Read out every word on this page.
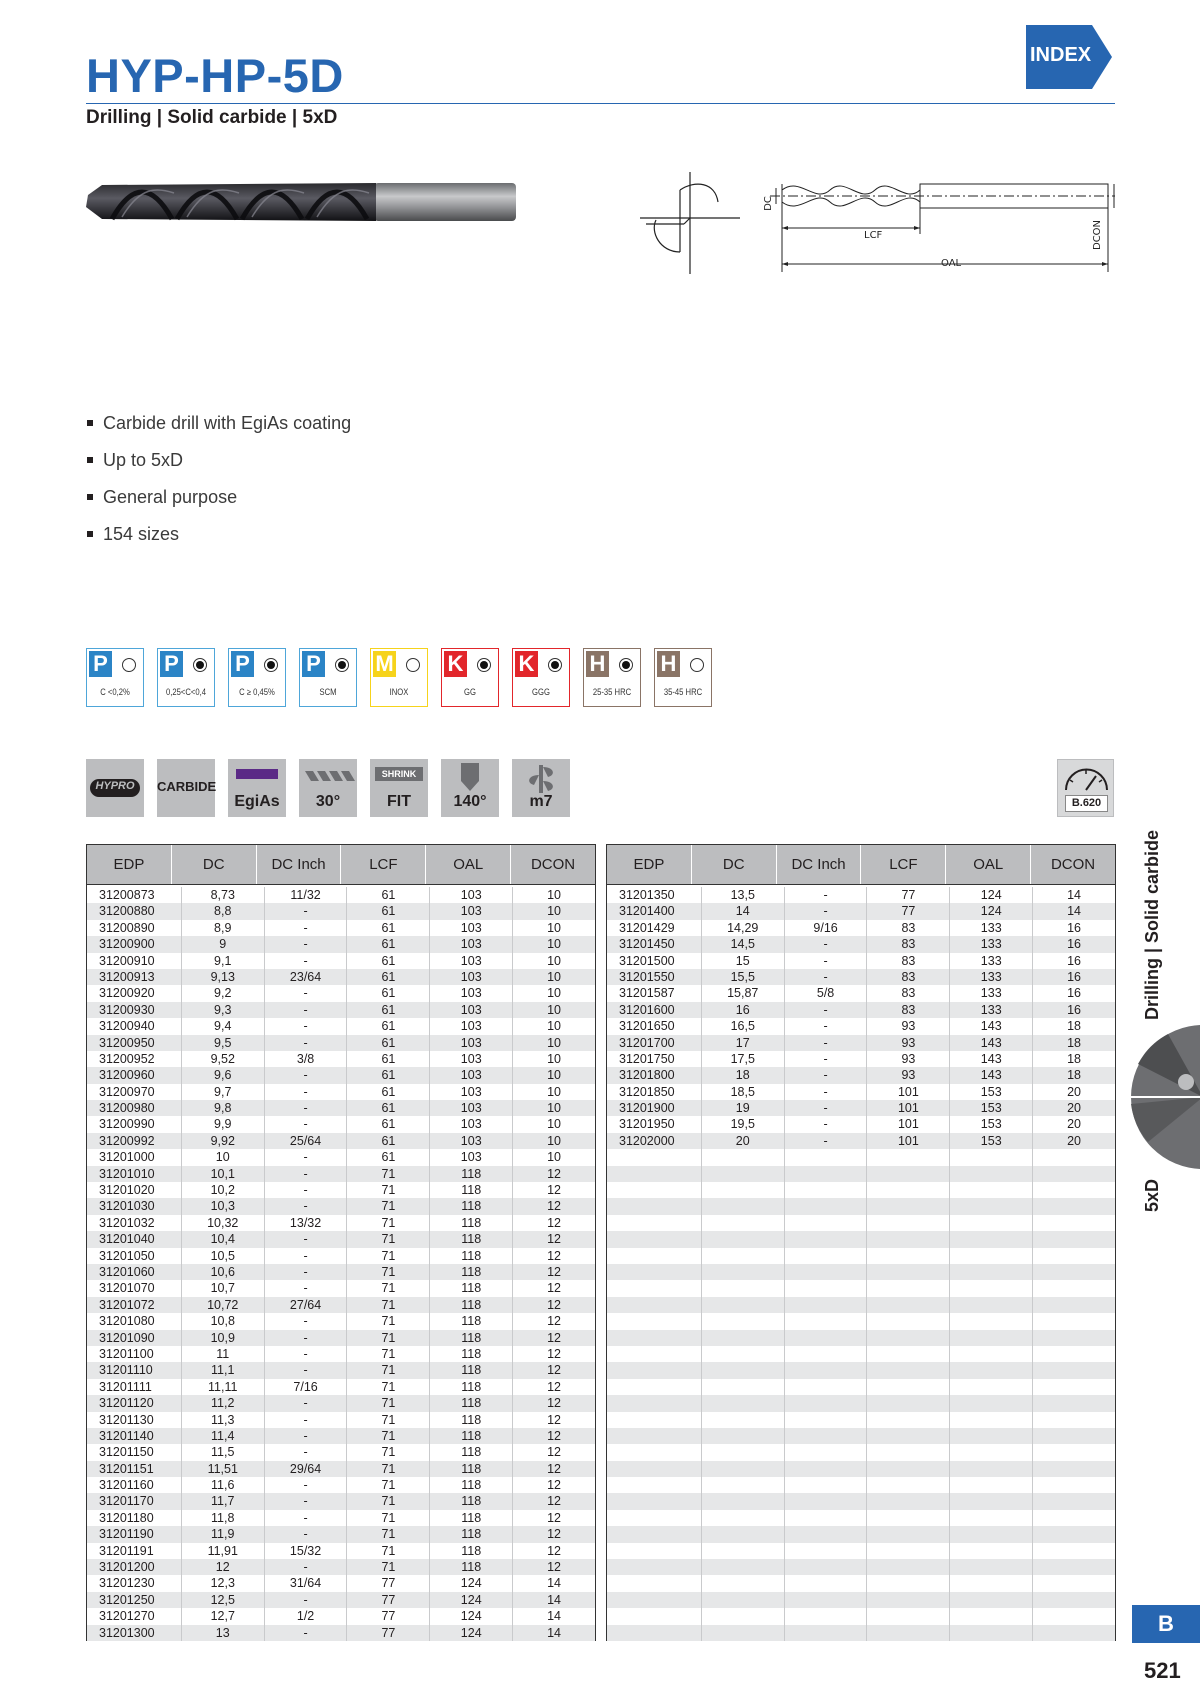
HYP-HP-5D
Drilling | Solid carbide | 5xD
INDEX
DC
LCF
OAL
DCON
Carbide drill with EgiAs coating
Up to 5xD
General purpose
154 sizes
P
C <0,2%
P
0,25<C<0,4
P
C ≥ 0,45%
P
SCM
M
INOX
K
GG
K
GGG
H
25-35 HRC
H
35-45 HRC
HYPRO	CARBIDE
EgiAs	30°
SHRINK
FIT	140°	m7	B.620
EDP	DC	DC Inch	LCF	OAL	DCON
31200873	8,73	11/32	61	103	10
31200880	8,8	-	61	103	10
31200890	8,9	-	61	103	10
31200900	9	-	61	103	10
31200910	9,1	-	61	103	10
31200913	9,13	23/64	61	103	10
31200920	9,2	-	61	103	10
31200930	9,3	-	61	103	10
31200940	9,4	-	61	103	10
31200950	9,5	-	61	103	10
31200952	9,52	3/8	61	103	10
31200960	9,6	-	61	103	10
31200970	9,7	-	61	103	10
31200980	9,8	-	61	103	10
31200990	9,9	-	61	103	10
31200992	9,92	25/64	61	103	10
31201000	10	-	61	103	10
31201010	10,1	-	71	118	12
31201020	10,2	-	71	118	12
31201030	10,3	-	71	118	12
31201032	10,32	13/32	71	118	12
31201040	10,4	-	71	118	12
31201050	10,5	-	71	118	12
31201060	10,6	-	71	118	12
31201070	10,7	-	71	118	12
31201072	10,72	27/64	71	118	12
31201080	10,8	-	71	118	12
31201090	10,9	-	71	118	12
31201100	11	-	71	118	12
31201110	11,1	-	71	118	12
31201111	11,11	7/16	71	118	12
31201120	11,2	-	71	118	12
31201130	11,3	-	71	118	12
31201140	11,4	-	71	118	12
31201150	11,5	-	71	118	12
31201151	11,51	29/64	71	118	12
31201160	11,6	-	71	118	12
31201170	11,7	-	71	118	12
31201180	11,8	-	71	118	12
31201190	11,9	-	71	118	12
31201191	11,91	15/32	71	118	12
31201200	12	-	71	118	12
31201230	12,3	31/64	77	124	14
31201250	12,5	-	77	124	14
31201270	12,7	1/2	77	124	14
31201300	13	-	77	124	14
EDP	DC	DC Inch	LCF	OAL	DCON
31201350	13,5	-	77	124	14
31201400	14	-	77	124	14
31201429	14,29	9/16	83	133	16
31201450	14,5	-	83	133	16
31201500	15	-	83	133	16
31201550	15,5	-	83	133	16
31201587	15,87	5/8	83	133	16
31201600	16	-	83	133	16
31201650	16,5	-	93	143	18
31201700	17	-	93	143	18
31201750	17,5	-	93	143	18
31201800	18	-	93	143	18
31201850	18,5	-	101	153	20
31201900	19	-	101	153	20
31201950	19,5	-	101	153	20
31202000	20	-	101	153	20
Drilling | Solid carbide
5xD
B
521
